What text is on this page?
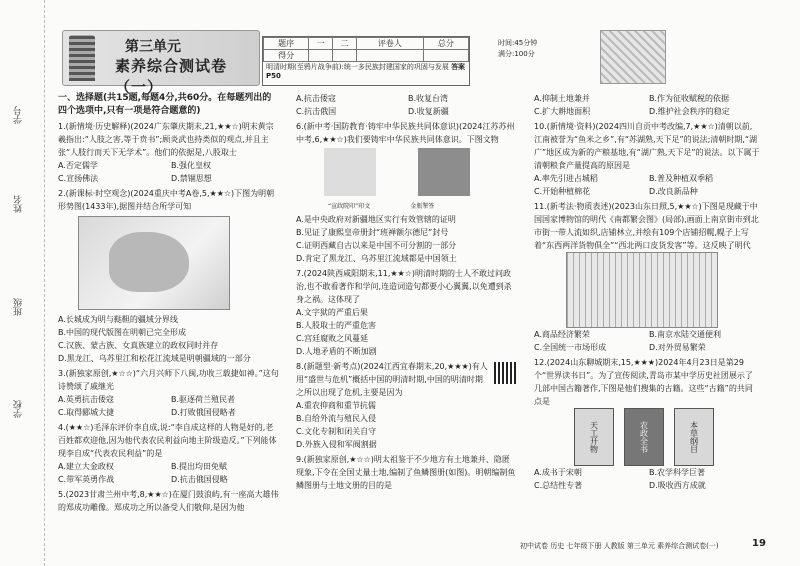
学号
姓名
班级
学校
第三单元
素养综合测试卷（一）
题序	一	二	评卷人	总分
得分				
明清时期(至鸦片战争前):统一多民族封建国家的巩固与发展 答案 P50
时间:45分钟
满分:100分

一、选择题(共15题,每题4分,共60分。在每题列出的四个选项中,只有一项是符合题意的)

1.(新情境·历史解释)(2024广东肇庆期末,21,★★☆)明末黄宗羲指出:“人肢之害,等于贲书”;顾炎武也持类似的观点,并且主张“人肢行而天下无学术”。他们的依据是,八股取士

A.否定儒学	B.强化皇权
C.宣扬佛法	D.禁锢思想

2.(新课标·时空观念)(2024重庆中考A卷,5,★★☆)下图为明朝形势图(1433年),据图并结合所学可知

A.长城成为明与鞑靼的疆域分界线
B.中国的现代版图在明朝已完全形成
C.汉族、蒙古族、女真族建立的政权同时并存
D.黑龙江、乌苏里江和松花江流域是明朝疆域的一部分

3.(新独家原创,★☆☆)“六月兴师下八闽,功收三载捷如神。”这句诗赞颂了戚继光

A.英勇抗击倭寇	B.驱逐荷兰殖民者
C.取得郾城大捷	D.打败俄国侵略者

4.(★★☆)毛泽东评价李自成,说:“李自成这样的人物是好的,老百姓都欢迎他,因为他代表农民利益向地主阶级造反。”下列能体现李自成“代表农民利益”的是

A.建立大金政权	B.提出均田免赋
C.带军英勇作战	D.抗击俄国侵略

5.(2023甘肃兰州中考,8,★★☆)在厦门鼓浪屿,有一座高大雄伟的郑成功雕像。郑成功之所以备受人们敬仰,是因为他

A.抗击倭寇	B.收复台湾
C.抗击俄国	D.收复新疆

6.(新中考·国防教育·铸牢中华民族共同体意识)(2024江苏苏州中考,6,★★☆)我们要铸牢中华民族共同体意识。下图文物

“宣政院印”印文	金瓶掣签
A.是中央政府对新疆地区实行有效管辖的证明
B.见证了康熙皇帝册封“班禅额尔德尼”封号
C.证明西藏自古以来是中国不可分割的一部分
D.肯定了黑龙江、乌苏里江流域都是中国领土

7.(2024陕西咸阳期末,11,★★☆)明清时期的士人不敢过问政治,也不敢看著作和学问,连造词造句都要小心翼翼,以免遭到杀身之祸。这体现了

A.文字狱的严重后果
B.人股取士的严重危害
C.宫廷腐败之风蔓延
D.人地矛盾的不断加剧

8.(新题型·新考点)(2024江西宜春期末,20,★★★)有人用“盛世与危机”概括中国的明清时期,中国的明清时期之所以出现了危机,主要是因为

A.重农抑商和重节抗儒
B.自给外流与殖民入侵
C.文化专制和闭关自守
D.外族入侵和军阀割据

9.(新独家原创,★☆☆)明太祖鉴于不少地方有土地兼并、隐匿现象,下令在全国丈量土地,编制了鱼鳞图册(如图)。明朝编制鱼鳞图册与土地文册的目的是

A.抑制土地兼并	B.作为征收赋税的依据
C.扩大耕地面积	D.维护社会秩序的稳定

10.(新情境·资料)(2024四川自贡中考改编,7,★★☆)清朝以前,江南被誉为“鱼米之乡”,有“苏湖熟,天下足”的说法;清朝时期,“湖广”地区成为新的产粮基地,有“湖广熟,天下足”的说法。以下属于清朝粮食产量提高的原因是

A.率先引进占城稻	B.普及种植双季稻
C.开始种植棉花	D.改良新品种

11.(新考法·物质表述)(2023山东日照,5,★★☆)下图是现藏于中国国家博物馆的明代《南都繁会图》(局部),画面上南京街市到北市街一带人流如织,店铺林立,并绘有109个店铺招幌,幌子上写着“东西两洋货物俱全”“西北两口皮货发客”等。这反映了明代

A.商品经济繁荣	B.南京水陆交通便利
C.全国统一市场形成	D.对外贸易繁荣

12.(2024山东聊城期末,15,★★★)2024年4月23日是第29个“世界读书日”。为了宣传阅读,青岛市某中学历史社团展示了几部中国古籍著作,下图是他们搜集的古籍。这些“古籍”的共同点是

天工开物	农政全书	本草纲目
A.成书于宋朝	B.农学科学巨著
C.总结性专著	D.吸收西方成就
初中试卷 历史 七年级下册 人教版 第三单元 素养综合测试卷(一)	19
